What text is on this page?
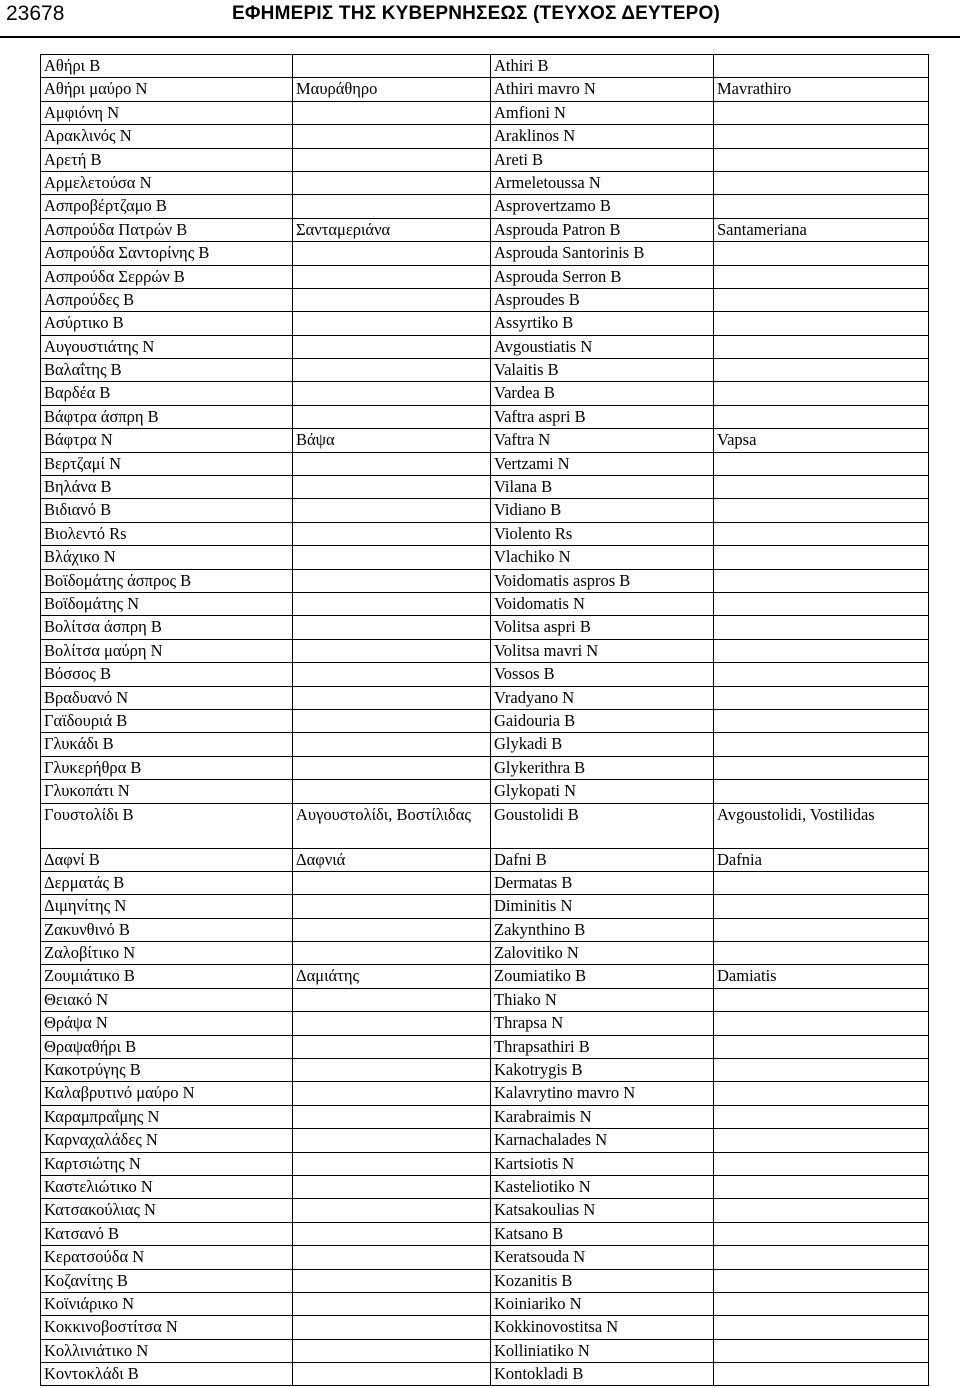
23678	ΕΦΗΜΕΡΙΣ ΤΗΣ ΚΥΒΕΡΝΗΣΕΩΣ (ΤΕΥΧΟΣ ΔΕΥΤΕΡΟ)
Αθήρι Β		Athiri B	
Αθήρι μαύρο Ν	Μαυράθηρο	Athiri mavro N	Mavrathiro
Αμφιόνη Ν		Amfioni N	
Αρακλινός Ν		Araklinos N	
Αρετή Β		Areti B	
Αρμελετούσα Ν		Armeletoussa N	
Ασπροβέρτζαμο Β		Asprovertzamo B	
Ασπρούδα Πατρών Β	Σανταμεριάνα	Asprouda Patron B	Santameriana
Ασπρούδα Σαντορίνης Β		Asprouda Santorinis B	
Ασπρούδα Σερρών Β		Asprouda Serron B	
Ασπρούδες Β		Asproudes B	
Ασύρτικο Β		Assyrtiko B	
Αυγουστιάτης Ν		Avgoustiatis N	
Βαλαΐτης Β		Valaitis B	
Βαρδέα Β		Vardea B	
Βάφτρα άσπρη Β		Vaftra aspri B	
Βάφτρα Ν	Βάψα	Vaftra N	Vapsa
Βερτζαμί Ν		Vertzami N	
Βηλάνα Β		Vilana B	
Βιδιανό Β		Vidiano B	
Βιολεντό Rs		Violento Rs	
Βλάχικο Ν		Vlachiko N	
Βοϊδομάτης άσπρος Β		Voidomatis aspros B	
Βοϊδομάτης Ν		Voidomatis N	
Βολίτσα άσπρη Β		Volitsa aspri B	
Βολίτσα μαύρη Ν		Volitsa mavri N	
Βόσσος Β		Vossos B	
Βραδυανό Ν		Vradyano N	
Γαϊδουριά Β		Gaidouria B	
Γλυκάδι Β		Glykadi B	
Γλυκερήθρα Β		Glykerithra B	
Γλυκοπάτι Ν		Glykopati N	
Γουστολίδι Β	Αυγουστολίδι, Βοστίλιδας	Goustolidi B	Avgoustolidi, Vostilidas
Δαφνί Β	Δαφνιά	Dafni B	Dafnia
Δερματάς Β		Dermatas B	
Διμηνίτης Ν		Diminitis N	
Ζακυνθινό Β		Zakynthino B	
Ζαλοβίτικο Ν		Zalovitiko N	
Ζουμιάτικο Β	Δαμιάτης	Zoumiatiko B	Damiatis
Θειακό Ν		Thiako N	
Θράψα Ν		Thrapsa N	
Θραψαθήρι Β		Thrapsathiri B	
Κακοτρύγης Β		Kakotrygis B	
Καλαβρυτινό μαύρο Ν		Kalavrytino mavro N	
Καραμπραΐμης Ν		Karabraimis N	
Καρναχαλάδες Ν		Karnachalades N	
Καρτσιώτης Ν		Kartsiotis N	
Καστελιώτικο Ν		Kasteliotiko N	
Κατσακούλιας Ν		Katsakoulias N	
Κατσανό Β		Katsano B	
Κερατσούδα Ν		Keratsouda N	
Κοζανίτης Β		Kozanitis B	
Κοϊνιάρικο Ν		Koiniariko N	
Κοκκινοβοστίτσα Ν		Kokkinovostitsa N	
Κολλινιάτικο Ν		Kolliniatiko N	
Κοντοκλάδι Β		Kontokladi B	
